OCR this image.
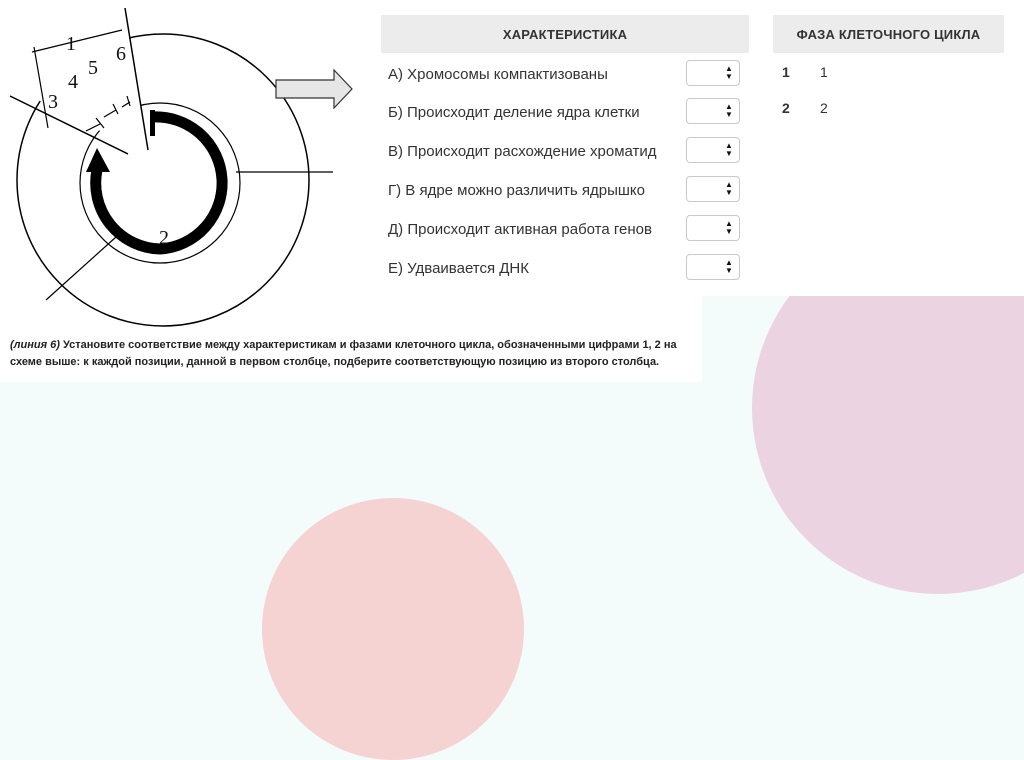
1
2
3
4
5
6
ХАРАКТЕРИСТИКА	ФАЗА КЛЕТОЧНОГО ЦИКЛА
А) Хромосомы компактизованы	▲▼
Б) Происходит деление ядра клетки	▲▼
В) Происходит расхождение хроматид	▲▼
Г) В ядре можно различить ядрышко	▲▼
Д) Происходит активная работа генов	▲▼
Е) Удваивается ДНК	▲▼
1	1
2	2
(линия 6) Установите соответствие между характеристикам и фазами клеточного цикла, обозначенными цифрами 1, 2 на схеме выше: к каждой позиции, данной в первом столбце, подберите соответствующую позицию из второго столбца.
